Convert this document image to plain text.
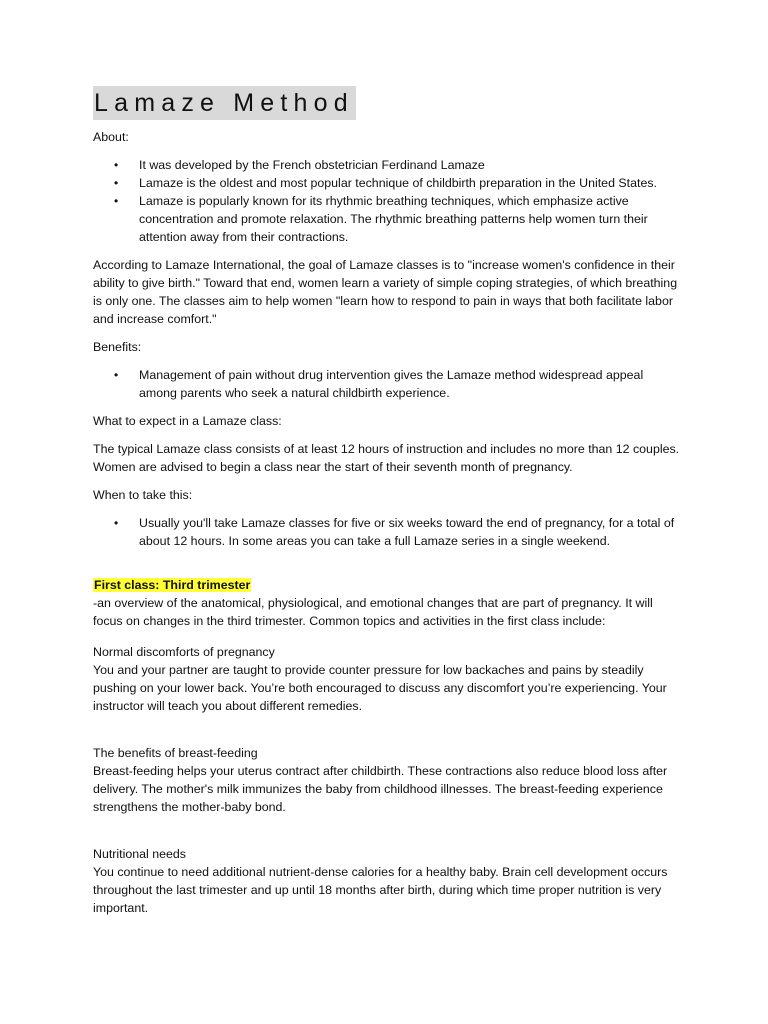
Lamaze Method

About:

• It was developed by the French obstetrician Ferdinand Lamaze
• Lamaze is the oldest and most popular technique of childbirth preparation in the United States.
• Lamaze is popularly known for its rhythmic breathing techniques, which emphasize active concentration and promote relaxation. The rhythmic breathing patterns help women turn their attention away from their contractions.

According to Lamaze International, the goal of Lamaze classes is to "increase women's confidence in their ability to give birth." Toward that end, women learn a variety of simple coping strategies, of which breathing is only one. The classes aim to help women "learn how to respond to pain in ways that both facilitate labor and increase comfort."

Benefits:

• Management of pain without drug intervention gives the Lamaze method widespread appeal among parents who seek a natural childbirth experience.

What to expect in a Lamaze class:

The typical Lamaze class consists of at least 12 hours of instruction and includes no more than 12 couples. Women are advised to begin a class near the start of their seventh month of pregnancy.

When to take this:

• Usually you'll take Lamaze classes for five or six weeks toward the end of pregnancy, for a total of about 12 hours. In some areas you can take a full Lamaze series in a single weekend.

First class: Third trimester

-an overview of the anatomical, physiological, and emotional changes that are part of pregnancy. It will focus on changes in the third trimester. Common topics and activities in the first class include:

Normal discomforts of pregnancy

You and your partner are taught to provide counter pressure for low backaches and pains by steadily pushing on your lower back. You’re both encouraged to discuss any discomfort you’re experiencing. Your instructor will teach you about different remedies.

The benefits of breast-feeding

Breast-feeding helps your uterus contract after childbirth. These contractions also reduce blood loss after delivery. The mother's milk immunizes the baby from childhood illnesses. The breast-feeding experience strengthens the mother-baby bond.

Nutritional needs

You continue to need additional nutrient-dense calories for a healthy baby. Brain cell development occurs throughout the last trimester and up until 18 months after birth, during which time proper nutrition is very important.
